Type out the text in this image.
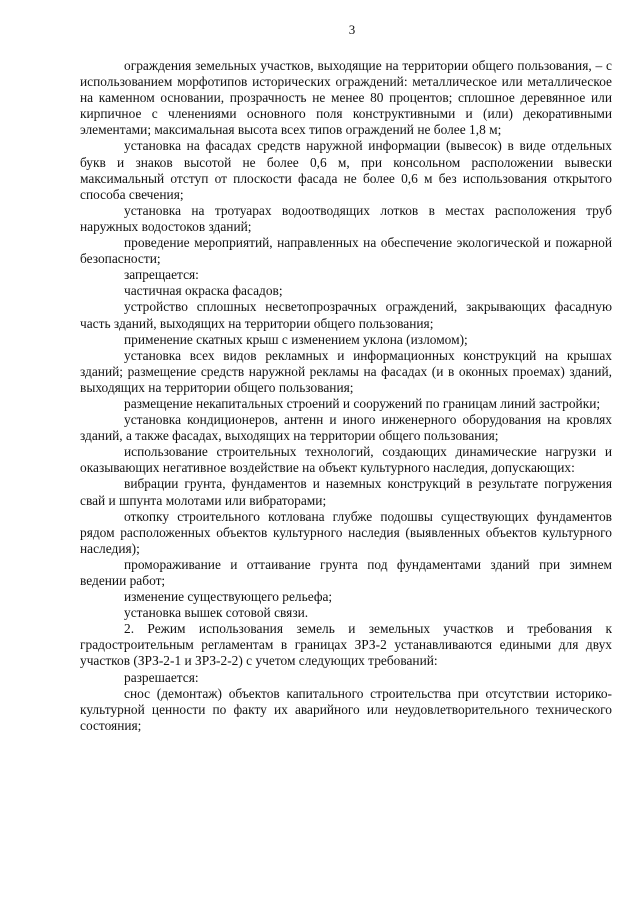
3

ограждения земельных участков, выходящие на территории общего пользования, – с использованием морфотипов исторических ограждений: металлическое или металлическое на каменном основании, прозрачность не менее 80 процентов; сплошное деревянное или кирпичное с членениями основного поля конструктивными и (или) декоративными элементами; максимальная высота всех типов ограждений не более 1,8 м;

установка на фасадах средств наружной информации (вывесок) в виде отдельных букв и знаков высотой не более 0,6 м, при консольном расположении вывески максимальный отступ от плоскости фасада не более 0,6 м без использования открытого способа свечения;

установка на тротуарах водоотводящих лотков в местах расположения труб наружных водостоков зданий;

проведение мероприятий, направленных на обеспечение экологической и пожарной безопасности;

запрещается:

частичная окраска фасадов;

устройство сплошных несветопрозрачных ограждений, закрывающих фасадную часть зданий, выходящих на территории общего пользования;

применение скатных крыш с изменением уклона (изломом);

установка всех видов рекламных и информационных конструкций на крышах зданий; размещение средств наружной рекламы на фасадах (и в оконных проемах) зданий, выходящих на территории общего пользования;

размещение некапитальных строений и сооружений по границам линий застройки;

установка кондиционеров, антенн и иного инженерного оборудования на кровлях зданий, а также фасадах, выходящих на территории общего пользования;

использование строительных технологий, создающих динамические нагрузки и оказывающих негативное воздействие на объект культурного наследия, допускающих:

вибрации грунта, фундаментов и наземных конструкций в результате погружения свай и шпунта молотами или вибраторами;

откопку строительного котлована глубже подошвы существующих фундаментов рядом расположенных объектов культурного наследия (выявленных объектов культурного наследия);

промораживание и оттаивание грунта под фундаментами зданий при зимнем ведении работ;

изменение существующего рельефа;

установка вышек сотовой связи.

2. Режим использования земель и земельных участков и требования к градостроительным регламентам в границах ЗРЗ-2 устанавливаются едиными для двух участков (ЗРЗ-2-1 и ЗРЗ-2-2) с учетом следующих требований:

разрешается:

снос (демонтаж) объектов капитального строительства при отсутствии историко-культурной ценности по факту их аварийного или неудовлетворительного технического состояния;
